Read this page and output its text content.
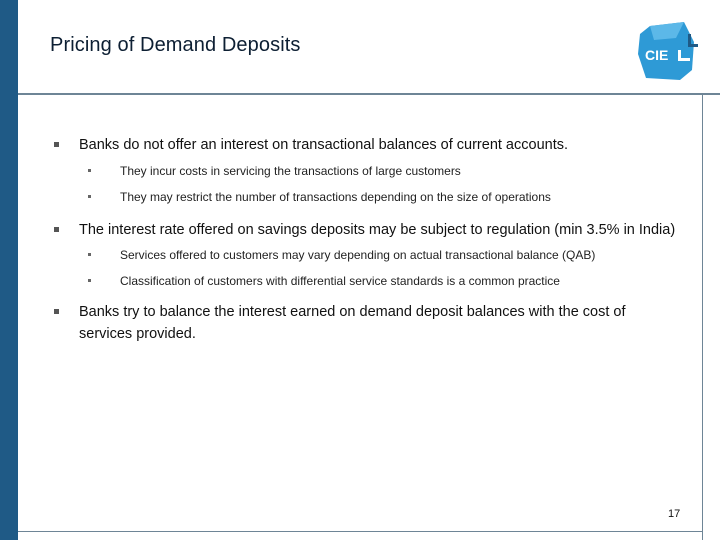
Pricing of Demand Deposits	CIE
Banks do not offer an interest on transactional balances of current accounts.
They incur costs in servicing the transactions of large customers
They may restrict the number of transactions depending on the size of operations
The interest rate offered on savings deposits may be subject to regulation (min 3.5% in India)
Services offered to customers may vary depending on actual transactional balance (QAB)
Classification of customers with differential service standards is a common practice
Banks try to balance the interest earned on demand deposit balances with the cost of services provided.
17
